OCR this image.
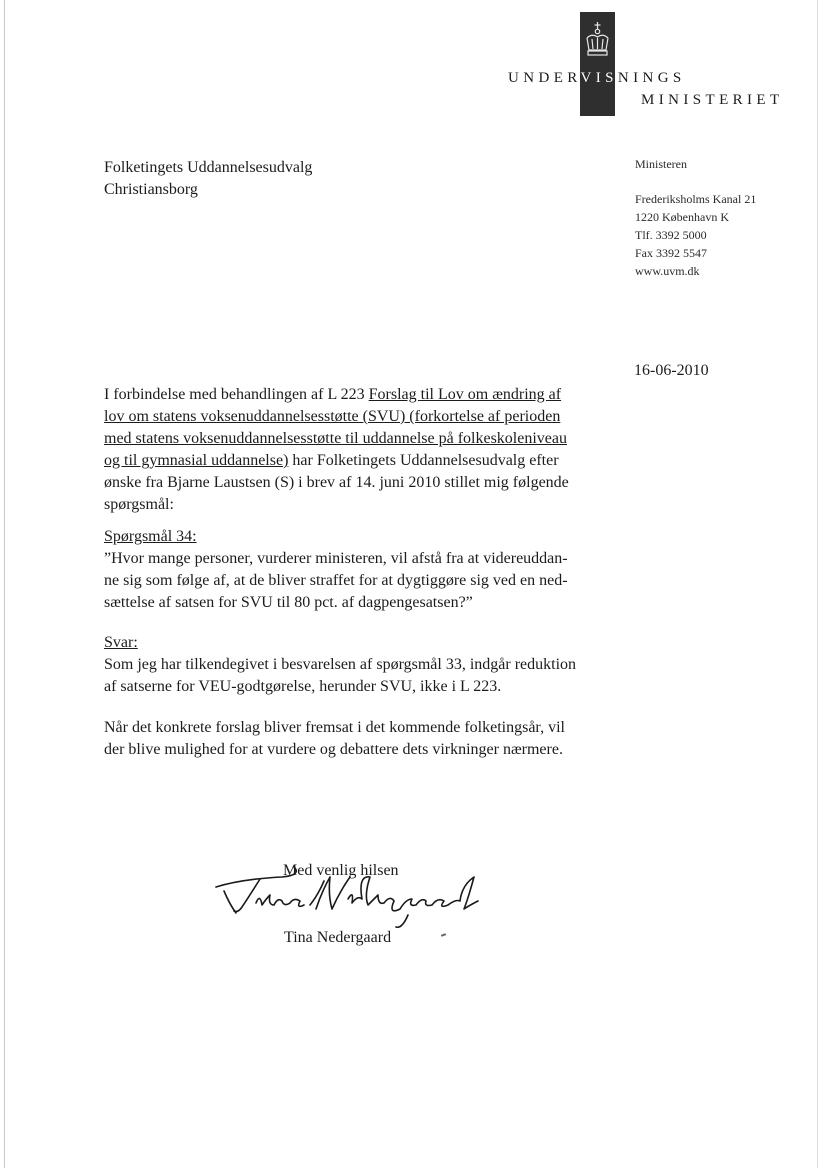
UNDERVISNINGS
MINISTERIET
Folketingets Uddannelsesudvalg
Christiansborg
Ministeren
Frederiksholms Kanal 21
1220 København K
Tlf. 3392 5000
Fax 3392 5547
www.uvm.dk
16-06-2010
I forbindelse med behandlingen af L 223 Forslag til Lov om ændring af
lov om statens voksenuddannelsesstøtte (SVU) (forkortelse af perioden
med statens voksenuddannelsesstøtte til uddannelse på folkeskoleniveau
og til gymnasial uddannelse) har Folketingets Uddannelsesudvalg efter
ønske fra Bjarne Laustsen (S) i brev af 14. juni 2010 stillet mig følgende
spørgsmål:
Spørgsmål 34:
”Hvor mange personer, vurderer ministeren, vil afstå fra at videreuddan-
ne sig som følge af, at de bliver straffet for at dygtiggøre sig ved en ned-
sættelse af satsen for SVU til 80 pct. af dagpengesatsen?”
Svar:
Som jeg har tilkendegivet i besvarelsen af spørgsmål 33, indgår reduktion
af satserne for VEU-godtgørelse, herunder SVU, ikke i L 223.
Når det konkrete forslag bliver fremsat i det kommende folketingsår, vil
der blive mulighed for at vurdere og debattere dets virkninger nærmere.
Med venlig hilsen
Tina Nedergaard
